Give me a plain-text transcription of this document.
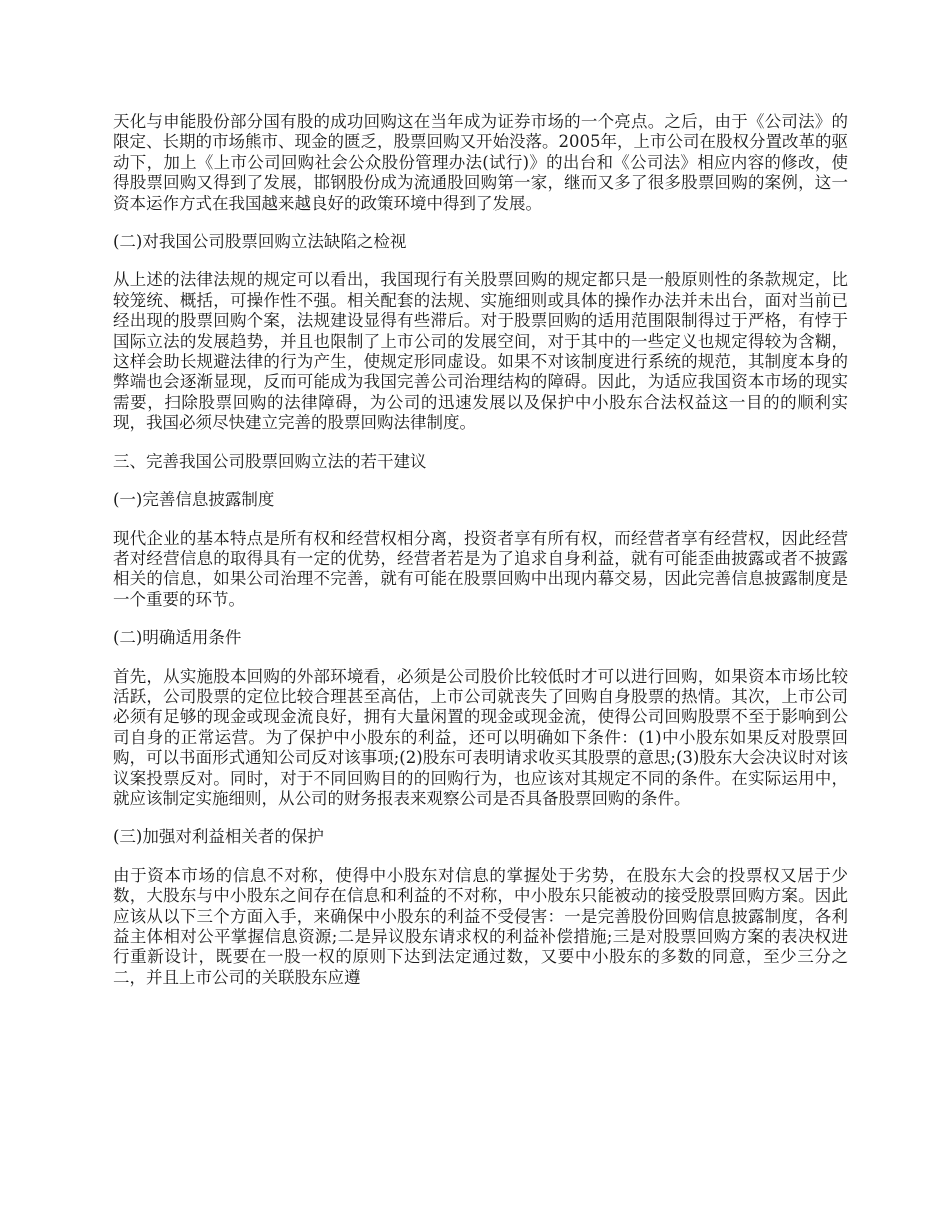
天化与申能股份部分国有股的成功回购这在当年成为证券市场的一个亮点。之后，由于《公司法》的限定、长期的市场熊市、现金的匮乏，股票回购又开始没落。2005年，上市公司在股权分置改革的驱动下，加上《上市公司回购社会公众股份管理办法(试行)》的出台和《公司法》相应内容的修改，使得股票回购又得到了发展，邯钢股份成为流通股回购第一家，继而又多了很多股票回购的案例，这一资本运作方式在我国越来越良好的政策环境中得到了发展。

(二)对我国公司股票回购立法缺陷之检视

从上述的法律法规的规定可以看出，我国现行有关股票回购的规定都只是一般原则性的条款规定，比较笼统、概括，可操作性不强。相关配套的法规、实施细则或具体的操作办法并未出台，面对当前已经出现的股票回购个案，法规建设显得有些滞后。对于股票回购的适用范围限制得过于严格，有悖于国际立法的发展趋势，并且也限制了上市公司的发展空间，对于其中的一些定义也规定得较为含糊，这样会助长规避法律的行为产生，使规定形同虚设。如果不对该制度进行系统的规范，其制度本身的弊端也会逐渐显现，反而可能成为我国完善公司治理结构的障碍。因此，为适应我国资本市场的现实需要，扫除股票回购的法律障碍，为公司的迅速发展以及保护中小股东合法权益这一目的的顺利实现，我国必须尽快建立完善的股票回购法律制度。

三、完善我国公司股票回购立法的若干建议

(一)完善信息披露制度

现代企业的基本特点是所有权和经营权相分离，投资者享有所有权，而经营者享有经营权，因此经营者对经营信息的取得具有一定的优势，经营者若是为了追求自身利益，就有可能歪曲披露或者不披露相关的信息，如果公司治理不完善，就有可能在股票回购中出现内幕交易，因此完善信息披露制度是一个重要的环节。

(二)明确适用条件

首先，从实施股本回购的外部环境看，必须是公司股价比较低时才可以进行回购，如果资本市场比较活跃，公司股票的定位比较合理甚至高估，上市公司就丧失了回购自身股票的热情。其次，上市公司必须有足够的现金或现金流良好，拥有大量闲置的现金或现金流，使得公司回购股票不至于影响到公司自身的正常运营。为了保护中小股东的利益，还可以明确如下条件：(1)中小股东如果反对股票回购，可以书面形式通知公司反对该事项;(2)股东可表明请求收买其股票的意思;(3)股东大会决议时对该议案投票反对。同时，对于不同回购目的的回购行为，也应该对其规定不同的条件。在实际运用中，就应该制定实施细则，从公司的财务报表来观察公司是否具备股票回购的条件。

(三)加强对利益相关者的保护

由于资本市场的信息不对称，使得中小股东对信息的掌握处于劣势，在股东大会的投票权又居于少数，大股东与中小股东之间存在信息和利益的不对称，中小股东只能被动的接受股票回购方案。因此应该从以下三个方面入手，来确保中小股东的利益不受侵害：一是完善股份回购信息披露制度，各利益主体相对公平掌握信息资源;二是异议股东请求权的利益补偿措施;三是对股票回购方案的表决权进行重新设计，既要在一股一权的原则下达到法定通过数，又要中小股东的多数的同意，至少三分之二，并且上市公司的关联股东应遵
